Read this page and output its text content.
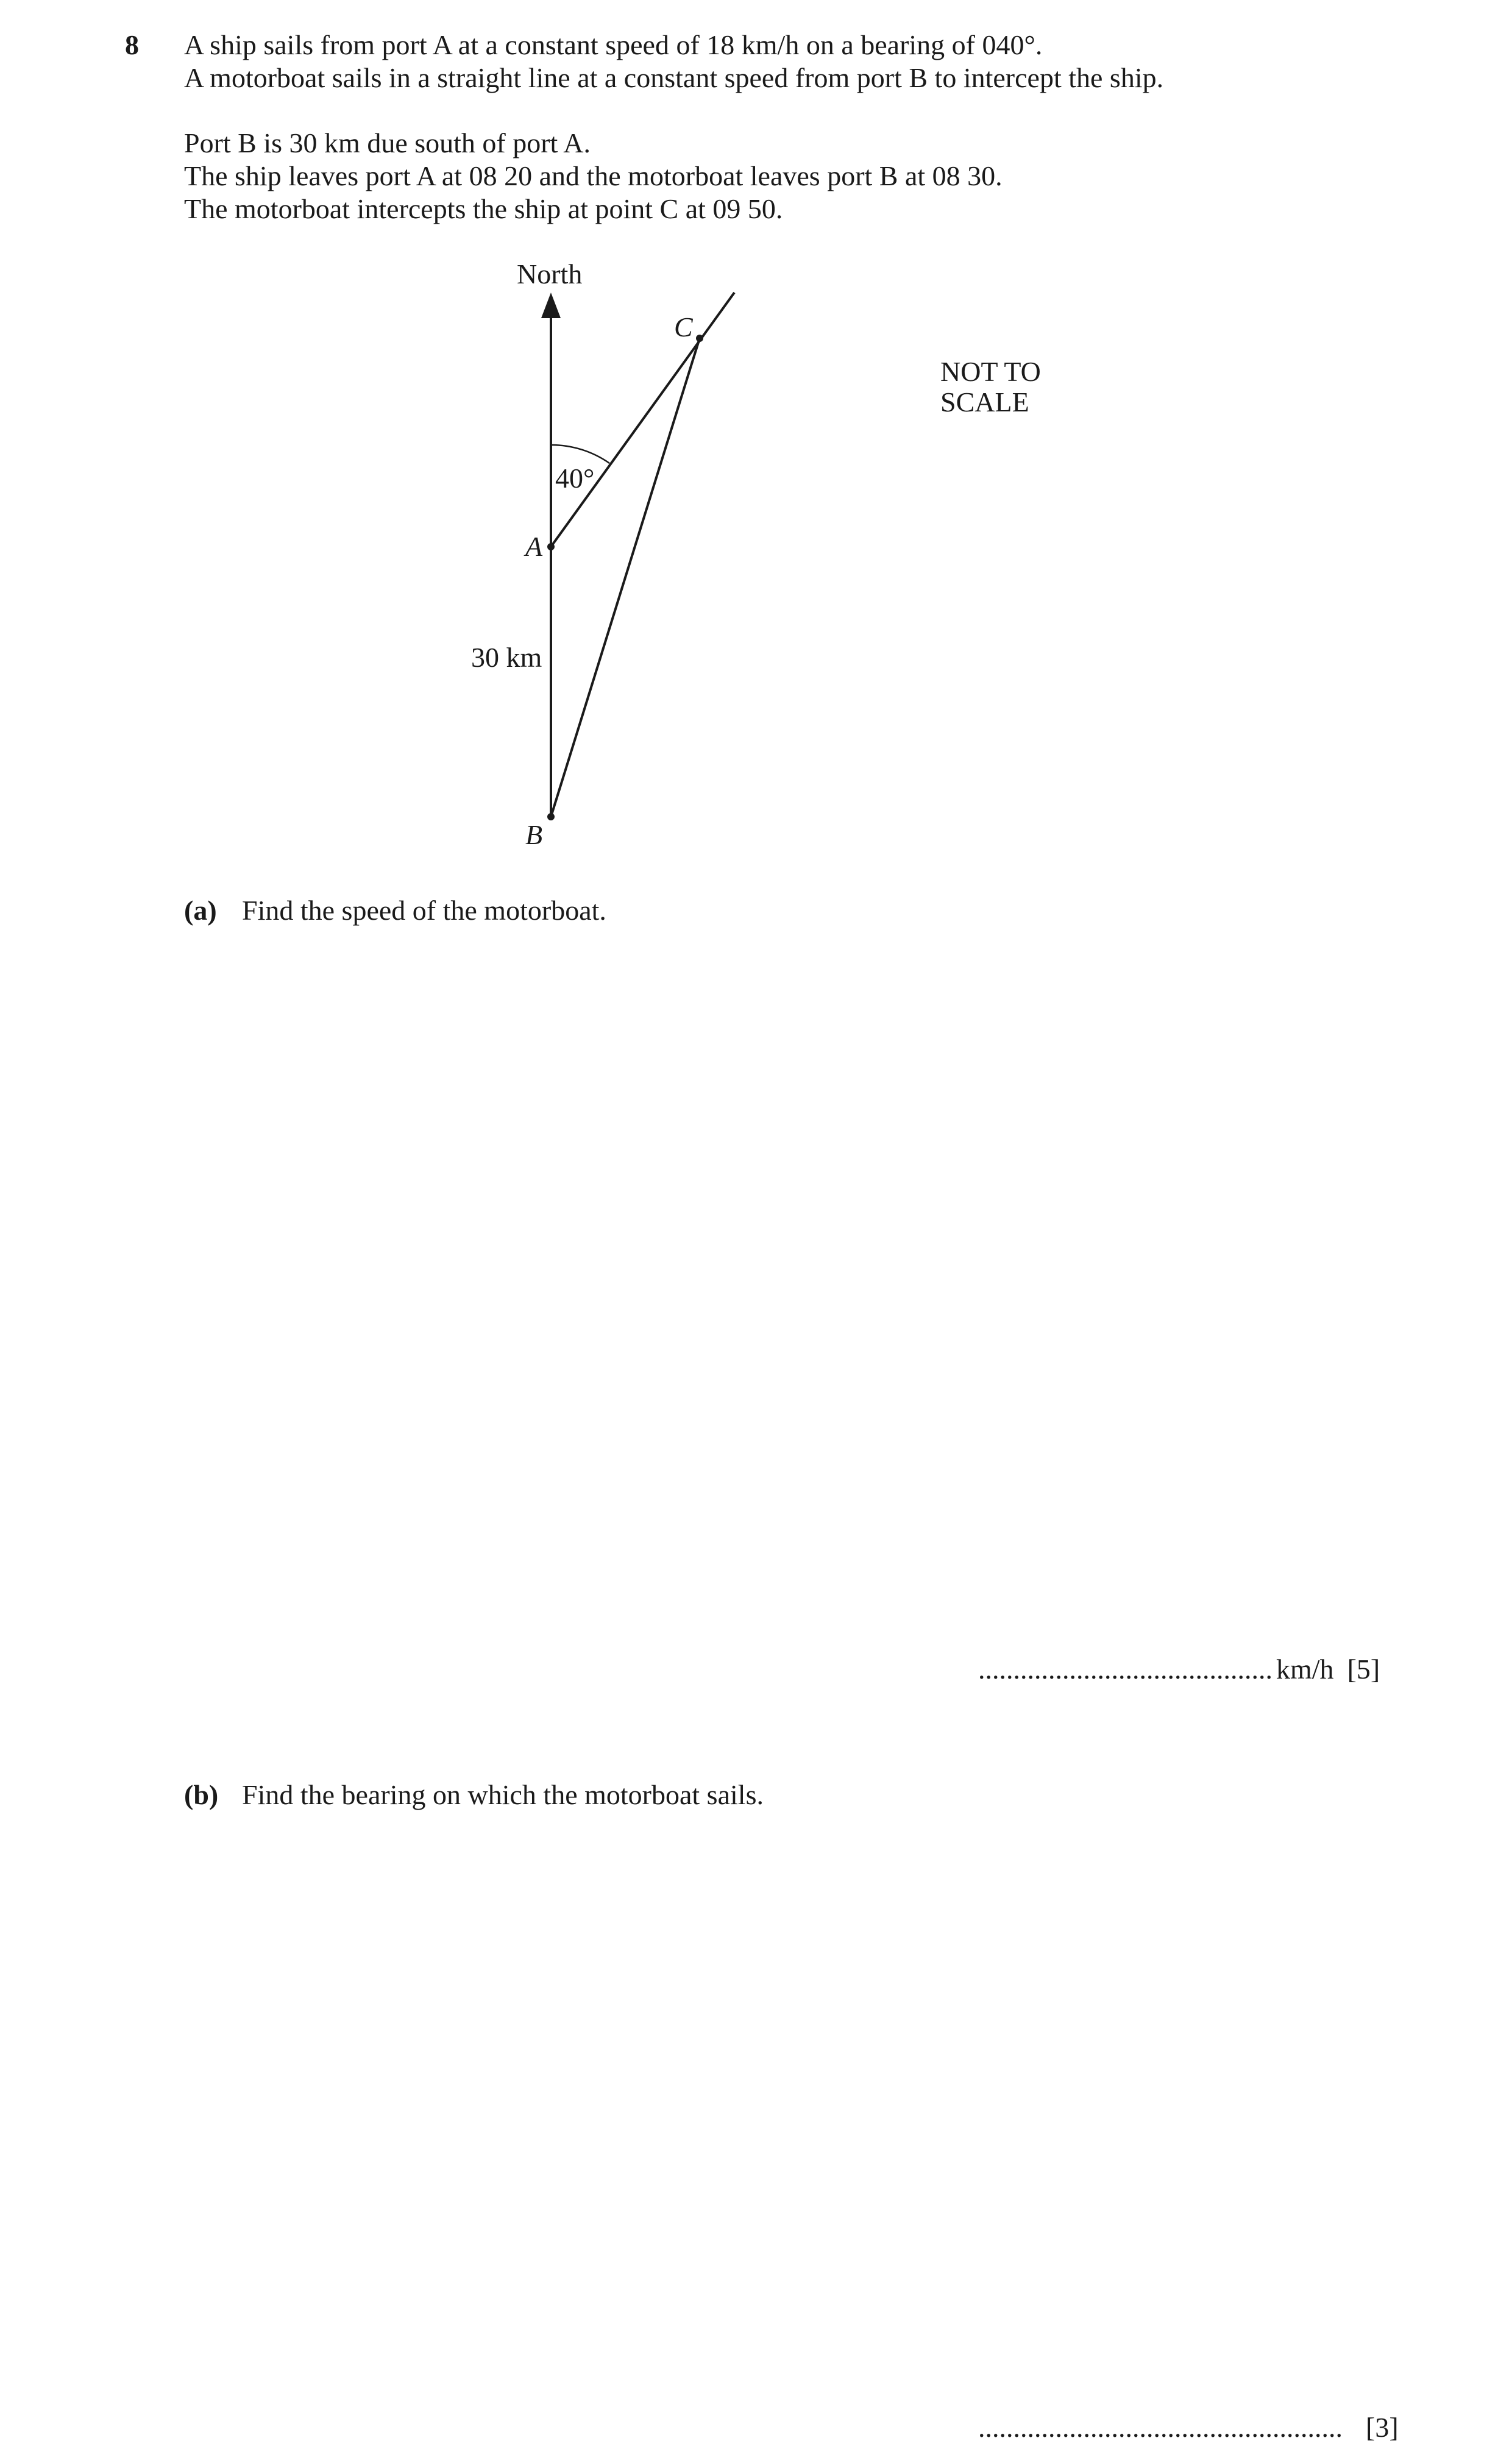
8 A ship sails from port A at a constant speed of 18 km/h on a bearing of 040°.
A motorboat sails in a straight line at a constant speed from port B to intercept the ship.
Port B is 30 km due south of port A.
The ship leaves port A at 08 20 and the motorboat leaves port B at 08 30.
The motorboat intercepts the ship at point C at 09 50.
North
C
40°
A
30 km
B
NOT TO
SCALE
(a) Find the speed of the motorboat.
.......................................... km/h [5]
(b) Find the bearing on which the motorboat sails.
.................................................... [3]
